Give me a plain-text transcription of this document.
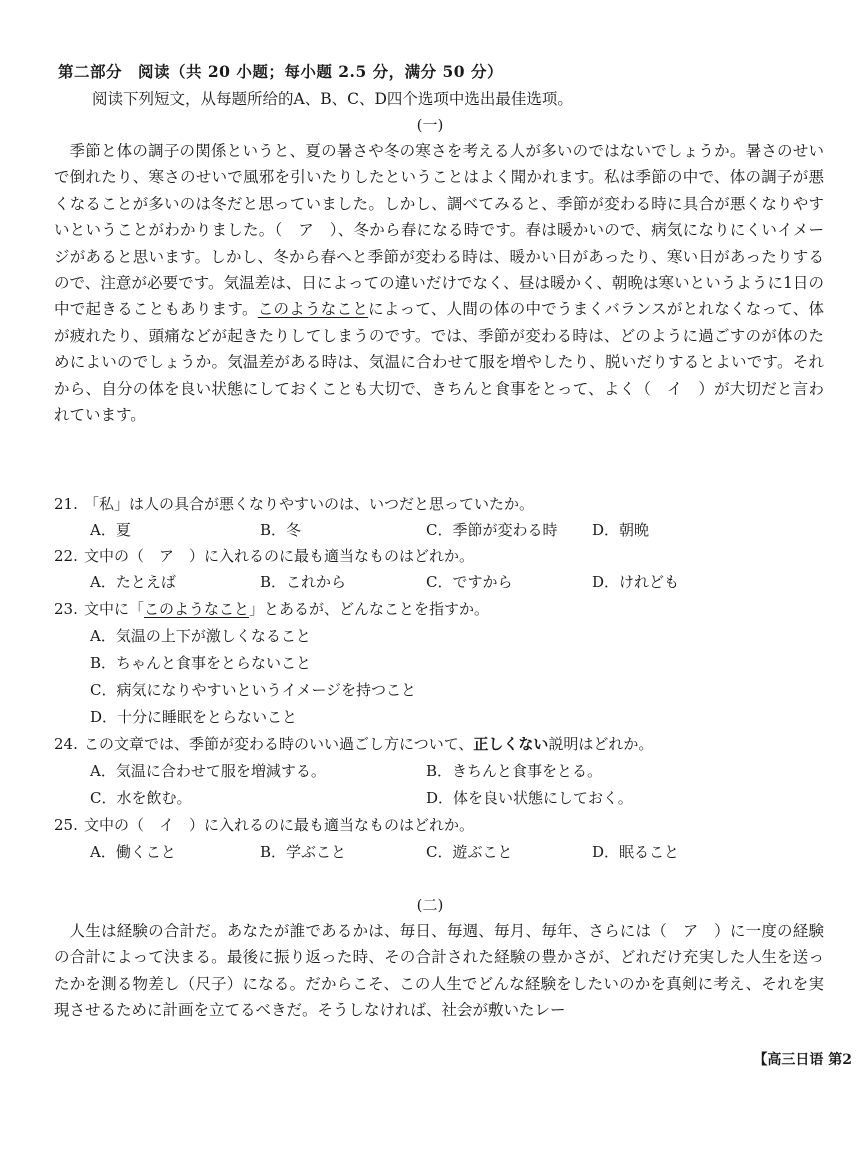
第二部分　阅读（共 20 小题；每小题 2.5 分，满分 50 分）
阅读下列短文，从每题所给的A、B、C、D四个选项中选出最佳选项。
(一)

季節と体の調子の関係というと、夏の暑さや冬の寒さを考える人が多いのではないでしょうか。暑さのせいで倒れたり、寒さのせいで風邪を引いたりしたということはよく聞かれます。私は季節の中で、体の調子が悪くなることが多いのは冬だと思っていました。しかし、調べてみると、季節が変わる時に具合が悪くなりやすいということがわかりました。（　ア　）、冬から春になる時です。春は暖かいので、病気になりにくいイメージがあると思います。しかし、冬から春へと季節が変わる時は、暖かい日があったり、寒い日があったりするので、注意が必要です。気温差は、日によっての違いだけでなく、昼は暖かく、朝晩は寒いというように1日の中で起きることもあります。このようなことによって、人間の体の中でうまくバランスがとれなくなって、体が疲れたり、頭痛などが起きたりしてしまうのです。では、季節が変わる時は、どのように過ごすのが体のためによいのでしょうか。気温差がある時は、気温に合わせて服を増やしたり、脱いだりするとよいです。それから、自分の体を良い状態にしておくことも大切で、きちんと食事をとって、よく（　イ　）が大切だと言われています。

21. 「私」は人の具合が悪くなりやすいのは、いつだと思っていたか。
A．夏	B．冬	C．季節が変わる時 D．朝晩
22. 文中の（　ア　）に入れるのに最も適当なものはどれか。
A．たとえば	B．これから	C．ですから	D．けれども
23. 文中に「このようなこと」とあるが、どんなことを指すか。
A．気温の上下が激しくなること
B．ちゃんと食事をとらないこと
C．病気になりやすいというイメージを持つこと
D．十分に睡眠をとらないこと
24. この文章では、季節が変わる時のいい過ごし方について、正しくない説明はどれか。
A．気温に合わせて服を増減する。	B．きちんと食事をとる。
C．水を飲む。	D．体を良い状態にしておく。
25. 文中の（　イ　）に入れるのに最も適当なものはどれか。
A．働くこと	B．学ぶこと	C．遊ぶこと	D．眠ること
(二)

人生は経験の合計だ。あなたが誰であるかは、毎日、毎週、毎月、毎年、さらには（　ア　）に一度の経験の合計によって決まる。最後に振り返った時、その合計された経験の豊かさが、どれだけ充実した人生を送ったかを測る物差し（尺子）になる。だからこそ、この人生でどんな経験をしたいのかを真剣に考え、それを実現させるために計画を立てるべきだ。そうしなければ、社会が敷いたレー

【高三日语 第2
